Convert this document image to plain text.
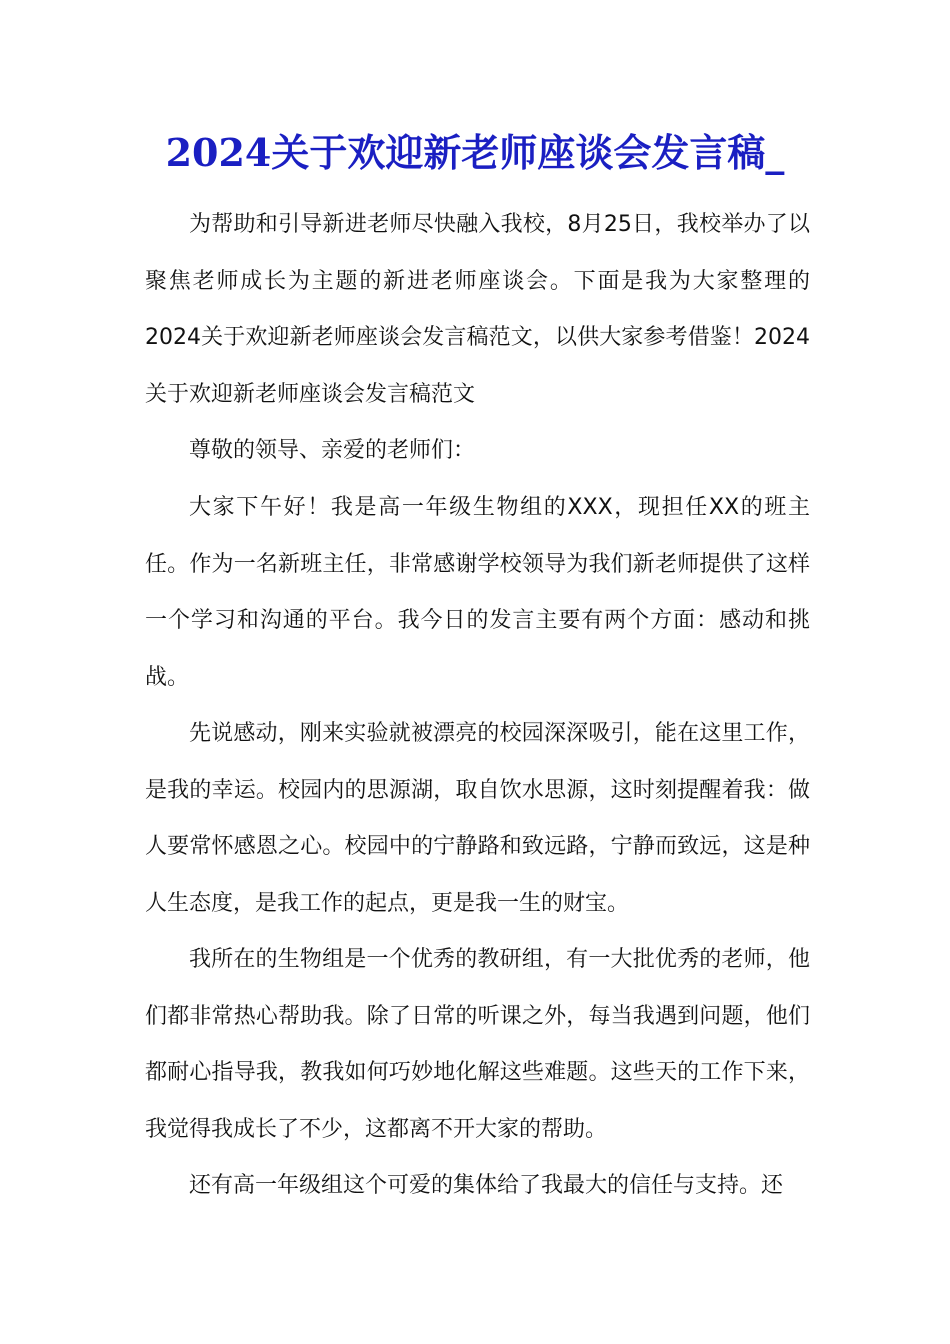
2024关于欢迎新老师座谈会发言稿_

为帮助和引导新进老师尽快融入我校，8月25日，我校举办了以聚焦老师成长为主题的新进老师座谈会。下面是我为大家整理的2024关于欢迎新老师座谈会发言稿范文，以供大家参考借鉴！2024关于欢迎新老师座谈会发言稿范文

尊敬的领导、亲爱的老师们：

大家下午好！我是高一年级生物组的XXX，现担任XX的班主任。作为一名新班主任，非常感谢学校领导为我们新老师提供了这样一个学习和沟通的平台。我今日的发言主要有两个方面：感动和挑战。

先说感动，刚来实验就被漂亮的校园深深吸引，能在这里工作，是我的幸运。校园内的思源湖，取自饮水思源，这时刻提醒着我：做人要常怀感恩之心。校园中的宁静路和致远路，宁静而致远，这是种人生态度，是我工作的起点，更是我一生的财宝。

我所在的生物组是一个优秀的教研组，有一大批优秀的老师，他们都非常热心帮助我。除了日常的听课之外，每当我遇到问题，他们都耐心指导我，教我如何巧妙地化解这些难题。这些天的工作下来，我觉得我成长了不少，这都离不开大家的帮助。

还有高一年级组这个可爱的集体给了我最大的信任与支持。还
